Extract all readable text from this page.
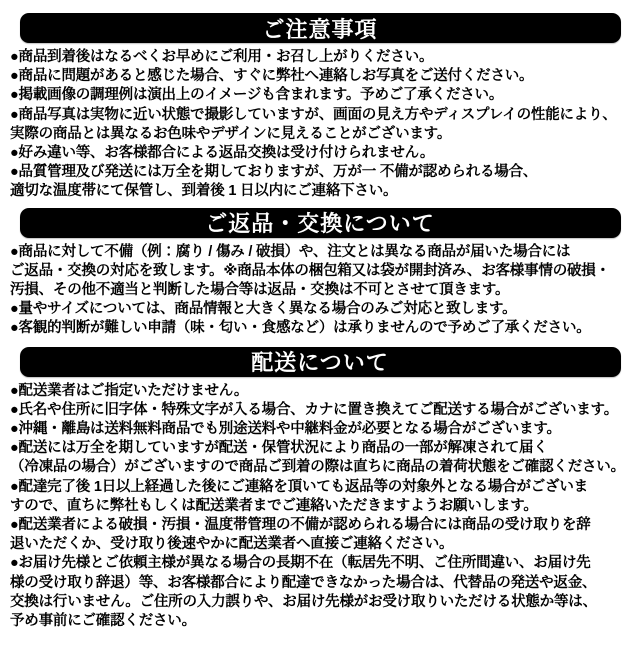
ご注意事項
●商品到着後はなるべくお早めにご利用・お召し上がりください。
●商品に問題があると感じた場合、すぐに弊社へ連絡しお写真をご送付ください。
●掲載画像の調理例は演出上のイメージも含まれます。予めご了承ください。
●商品写真は実物に近い状態で撮影していますが、画面の見え方やディスプレイの性能により、
実際の商品とは異なるお色味やデザインに見えることがございます。
●好み違い等、お客様都合による返品交換は受け付けられません。
●品質管理及び発送には万全を期しておりますが、万が一 不備が認められる場合、
適切な温度帯にて保管し、到着後 1 日以内にご連絡下さい。
ご返品・交換について
●商品に対して不備（例：腐り / 傷み / 破損）や、注文とは異なる商品が届いた場合には
ご返品・交換の対応を致します。※商品本体の梱包箱又は袋が開封済み、お客様事情の破損・
汚損、その他不適当と判断した場合等は返品・交換は不可とさせて頂きます。
●量やサイズについては、商品情報と大きく異なる場合のみご対応と致します。
●客観的判断が難しい申請（味・匂い・食感など）は承りませんので予めご了承ください。
配送について
●配送業者はご指定いただけません。
●氏名や住所に旧字体・特殊文字が入る場合、カナに置き換えてご配送する場合がございます。
●沖縄・離島は送料無料商品でも別途送料や中継料金が必要となる場合がございます。
●配送には万全を期していますが配送・保管状況により商品の一部が解凍されて届く
（冷凍品の場合）がございますので商品ご到着の際は直ちに商品の着荷状態をご確認ください。
●配達完了後 1日以上経過した後にご連絡を頂いても返品等の対象外となる場合がございま
すので、直ちに弊社もしくは配送業者までご連絡いただきますようお願いします。
●配送業者による破損・汚損・温度帯管理の不備が認められる場合には商品の受け取りを辞
退いただくか、受け取り後速やかに配送業者へ直接ご連絡ください。
●お届け先様とご依頼主様が異なる場合の長期不在（転居先不明、ご住所間違い、お届け先
様の受け取り辞退）等、お客様都合により配達できなかった場合は、代替品の発送や返金、
交換は行いません。ご住所の入力誤りや、お届け先様がお受け取りいただける状態か等は、
予め事前にご確認ください。
